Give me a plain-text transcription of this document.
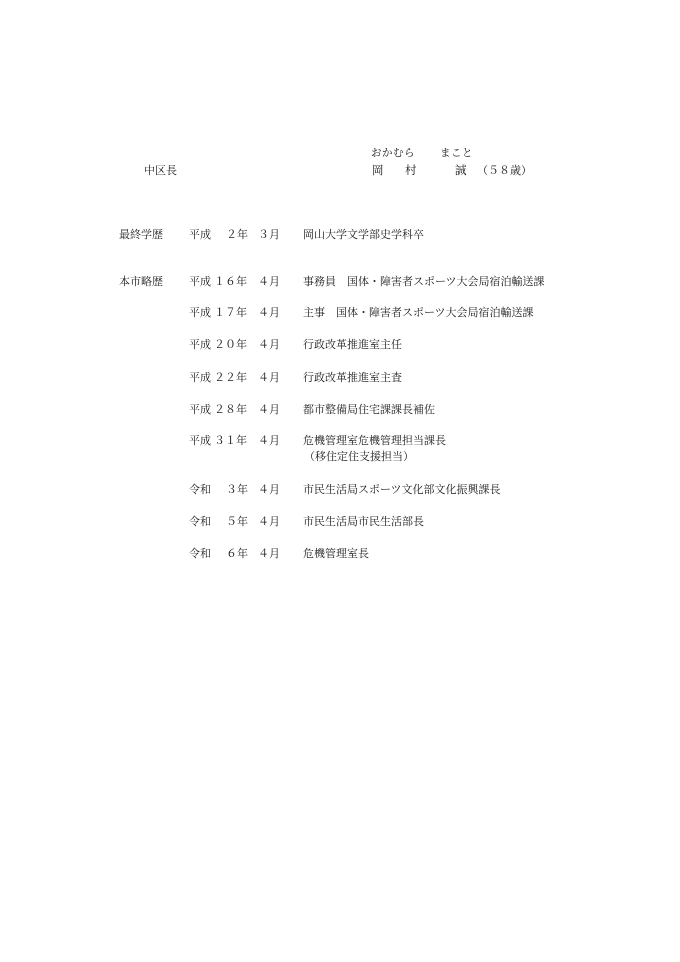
おかむら まこと
中区長	岡 村	誠 （５８歳）
最終学歴 平成 ２年 ３月 岡山大学文学部史学科卒
本市略歴 平成 １６年 ４月 事務員　国体・障害者スポーツ大会局宿泊輸送課
平成 １７年 ４月 主事　国体・障害者スポーツ大会局宿泊輸送課
平成 ２０年 ４月 行政改革推進室主任
平成 ２２年 ４月 行政改革推進室主査
平成 ２８年 ４月 都市整備局住宅課課長補佐
平成 ３１年 ４月 危機管理室危機管理担当課長
（移住定住支援担当）
令和 ３年 ４月 市民生活局スポーツ文化部文化振興課長
令和 ５年 ４月 市民生活局市民生活部長
令和 ６年 ４月 危機管理室長
